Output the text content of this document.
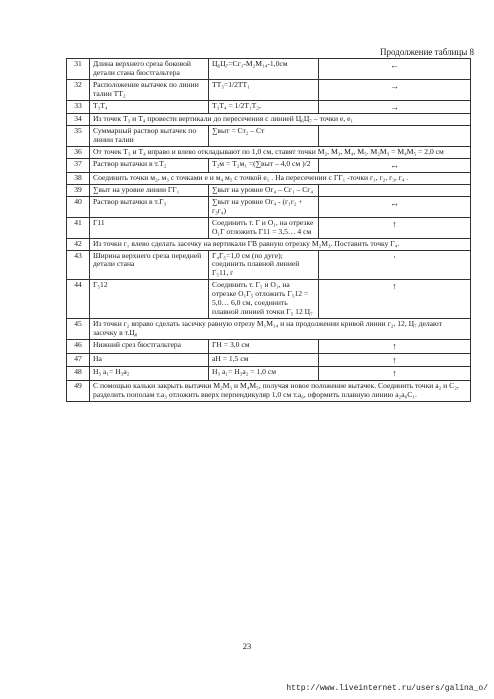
Продолжение таблицы 8
31	Длина верхнего среза боковой детали стана бюстгальтера	Ц₆Ц₇=Сг₁-М₂М₁₄-1,0см	←
32	Расположение вытачек по линии талии ТТ₂	ТТ₃=1/2ТТ₁	→
33	Т₃Т₄	Т₃Т₄ = 1/2Т₁Т₂,	→
34	Из точек Т₃ и Т₄ провести вертикали до пересечения с линией Ц₆Ц₇ – точки е, е₁		
35	Суммарный раствор вытачек по линии талии	∑выт = Ст₂ – Ст	
36	От точек Т₃ и Т₄ вправо и влево откладывают по 1,0 см, ставят точки М₂, М₃, М₄, М₅. М₂М₃ = М₄М₅ = 2,0 см		
37	Раствор вытачки в т.Т₂	Т₂м = Т₂м₁ =(∑выт – 4,0 см )/2	↔
38	Соединить точки м₂, м₃ с точками е и м₄ м₅ с точкой е₁ . На пересечении с ГГ₁ -точки г₁, г₂, г₃, г₄ .		
39	∑выт на уровне линии ГГ₁	∑выт на уровне Ог₄ – Сг₁ – Сг₄	
40	Раствор вытачки в т.Г₃	∑выт на уровне Ог₄ - (г₁г₂ + г₃г₄)	↔
41	Г11	Соединить т. Г и О₁, на отрезке О₁Г отложить Г11 = 3,5… 4 см	↑
42	Из точки г₁ влево сделать засечку на вертикали ГВ равную отрезку М₂М₃. Поставить точку Г₄.		
43	Ширина верхнего среза передней детали стана	Г₄Г₅=1,0 см (по дуге); соединить плавной линией Г₅11, г	·
44	Г₅12	Соединить т. Г₅ и О₁, на отрезке О₁Г₅ отложить Г₅12 = 5,0… 6,0 см, соединить плавной линией точки Г₅ 12 Ц₇	↑
45	Из точки г₂ вправо сделать засечку равную отрезу М₁М₁₄ и на продолжении кривой линии г₂, 12, Ц₇ делают засечку в т.Ц₈		
46	Нижний срез бюстгальтера	ГН = 3,0 см	↑
47	На	аН = 1,5 см	↑
48	Н₃ а₁= Н₃а₂	Н₃ а₁= Н₃а₂ = 1,0 см	↑
49	С помощью кальки закрыть вытачки М₂М₃ и М₄М₅, получая новое положение вытачек. Соединить точки а₂ и С₂, разделить пополам т.а₃ отложить вверх перпендикуляр 1,0 см т.а₆, оформить плавную линию а₂а₆С₁.		
23
http://www.liveinternet.ru/users/galina_o/
